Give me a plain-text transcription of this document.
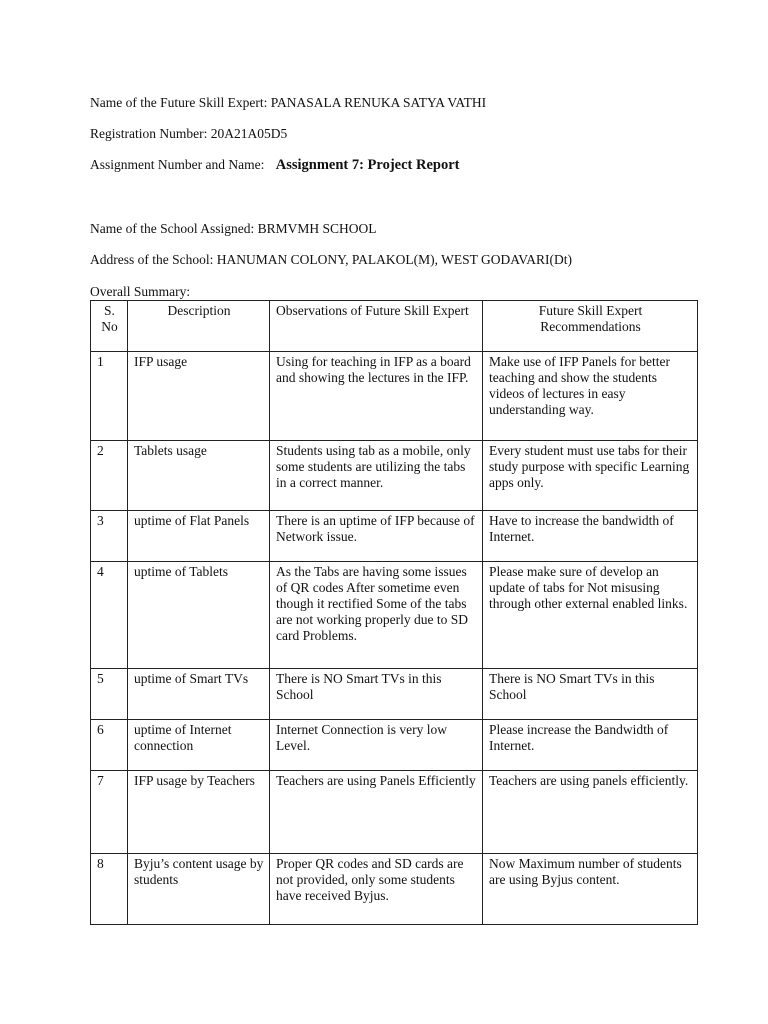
Name of the Future Skill Expert: PANASALA RENUKA SATYA VATHI
Registration Number: 20A21A05D5
Assignment Number and Name: Assignment 7: Project Report
Name of the School Assigned: BRMVMH SCHOOL
Address of the School: HANUMAN COLONY, PALAKOL(M), WEST GODAVARI(Dt)
Overall Summary:
S. No	Description	Observations of Future Skill Expert	Future Skill Expert Recommendations
1	IFP usage	Using for teaching in IFP as a board and showing the lectures in the IFP.	Make use of IFP Panels for better teaching and show the students videos of lectures in easy understanding way.
2	Tablets usage	Students using tab as a mobile, only some students are utilizing the tabs in a correct manner.	Every student must use tabs for their study purpose with specific Learning apps only.
3	uptime of Flat Panels	There is an uptime of IFP because of Network issue.	Have to increase the bandwidth of Internet.
4	uptime of Tablets	As the Tabs are having some issues of QR codes After sometime even though it rectified Some of the tabs are not working properly due to SD card Problems.	Please make sure of develop an update of tabs for Not misusing through other external enabled links.
5	uptime of Smart TVs	There is NO Smart TVs in this School	There is NO Smart TVs in this School
6	uptime of Internet connection	Internet Connection is very low Level.	Please increase the Bandwidth of Internet.
7	IFP usage by Teachers	Teachers are using Panels Efficiently	Teachers are using panels efficiently.
8	Byju’s content usage by students	Proper QR codes and SD cards are not provided, only some students have received Byjus.	Now Maximum number of students are using Byjus content.
